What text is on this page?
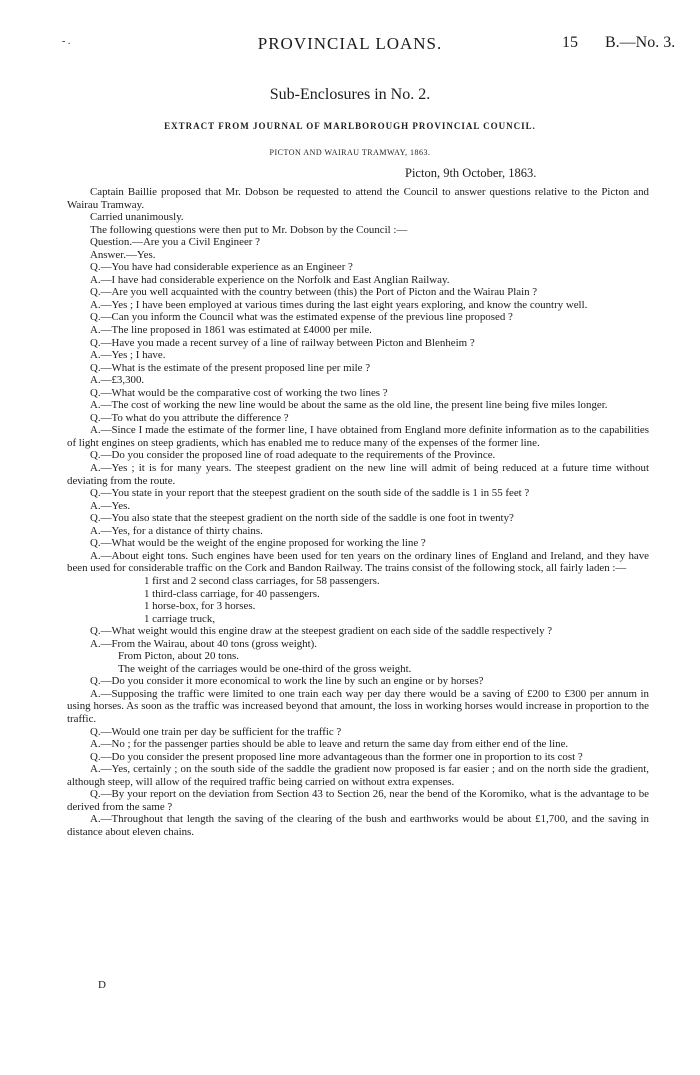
- .	PROVINCIAL LOANS.	15 B.—No. 3.
Sub-Enclosures in No. 2.
EXTRACT FROM JOURNAL OF MARLBOROUGH PROVINCIAL COUNCIL.
PICTON AND WAIRAU TRAMWAY, 1863.
Picton, 9th October, 1863.

Captain Baillie proposed that Mr. Dobson be requested to attend the Council to answer questions relative to the Picton and Wairau Tramway.

Carried unanimously.

The following questions were then put to Mr. Dobson by the Council :—

Question.—Are you a Civil Engineer ?

Answer.—Yes.

Q.—You have had considerable experience as an Engineer ?

A.—I have had considerable experience on the Norfolk and East Anglian Railway.

Q.—Are you well acquainted with the country between (this) the Port of Picton and the Wairau Plain ?

A.—Yes ; I have been employed at various times during the last eight years exploring, and know the country well.

Q.—Can you inform the Council what was the estimated expense of the previous line proposed ?

A.—The line proposed in 1861 was estimated at £4000 per mile.

Q.—Have you made a recent survey of a line of railway between Picton and Blenheim ?

A.—Yes ; I have.

Q.—What is the estimate of the present proposed line per mile ?

A.—£3,300.

Q.—What would be the comparative cost of working the two lines ?

A.—The cost of working the new line would be about the same as the old line, the present line being five miles longer.

Q.—To what do you attribute the difference ?

A.—Since I made the estimate of the former line, I have obtained from England more definite information as to the capabilities of light engines on steep gradients, which has enabled me to reduce many of the expenses of the former line.

Q.—Do you consider the proposed line of road adequate to the requirements of the Province.

A.—Yes ; it is for many years. The steepest gradient on the new line will admit of being reduced at a future time without deviating from the route.

Q.—You state in your report that the steepest gradient on the south side of the saddle is 1 in 55 feet ?

A.—Yes.

Q.—You also state that the steepest gradient on the north side of the saddle is one foot in twenty?

A.—Yes, for a distance of thirty chains.

Q.—What would be the weight of the engine proposed for working the line ?

A.—About eight tons. Such engines have been used for ten years on the ordinary lines of England and Ireland, and they have been used for considerable traffic on the Cork and Bandon Railway. The trains consist of the following stock, all fairly laden :—

1 first and 2 second class carriages, for 58 passengers.

1 third-class carriage, for 40 passengers.

1 horse-box, for 3 horses.

1 carriage truck,

Q.—What weight would this engine draw at the steepest gradient on each side of the saddle respectively ?

A.—From the Wairau, about 40 tons (gross weight).

From Picton, about 20 tons.

The weight of the carriages would be one-third of the gross weight.

Q.—Do you consider it more economical to work the line by such an engine or by horses?

A.—Supposing the traffic were limited to one train each way per day there would be a saving of £200 to £300 per annum in using horses. As soon as the traffic was increased beyond that amount, the loss in working horses would increase in proportion to the traffic.

Q.—Would one train per day be sufficient for the traffic ?

A.—No ; for the passenger parties should be able to leave and return the same day from either end of the line.

Q.—Do you consider the present proposed line more advantageous than the former one in proportion to its cost ?

A.—Yes, certainly ; on the south side of the saddle the gradient now proposed is far easier ; and on the north side the gradient, although steep, will allow of the required traffic being carried on without extra expenses.

Q.—By your report on the deviation from Section 43 to Section 26, near the bend of the Koromiko, what is the advantage to be derived from the same ?

A.—Throughout that length the saving of the clearing of the bush and earthworks would be about £1,700, and the saving in distance about eleven chains.

D
